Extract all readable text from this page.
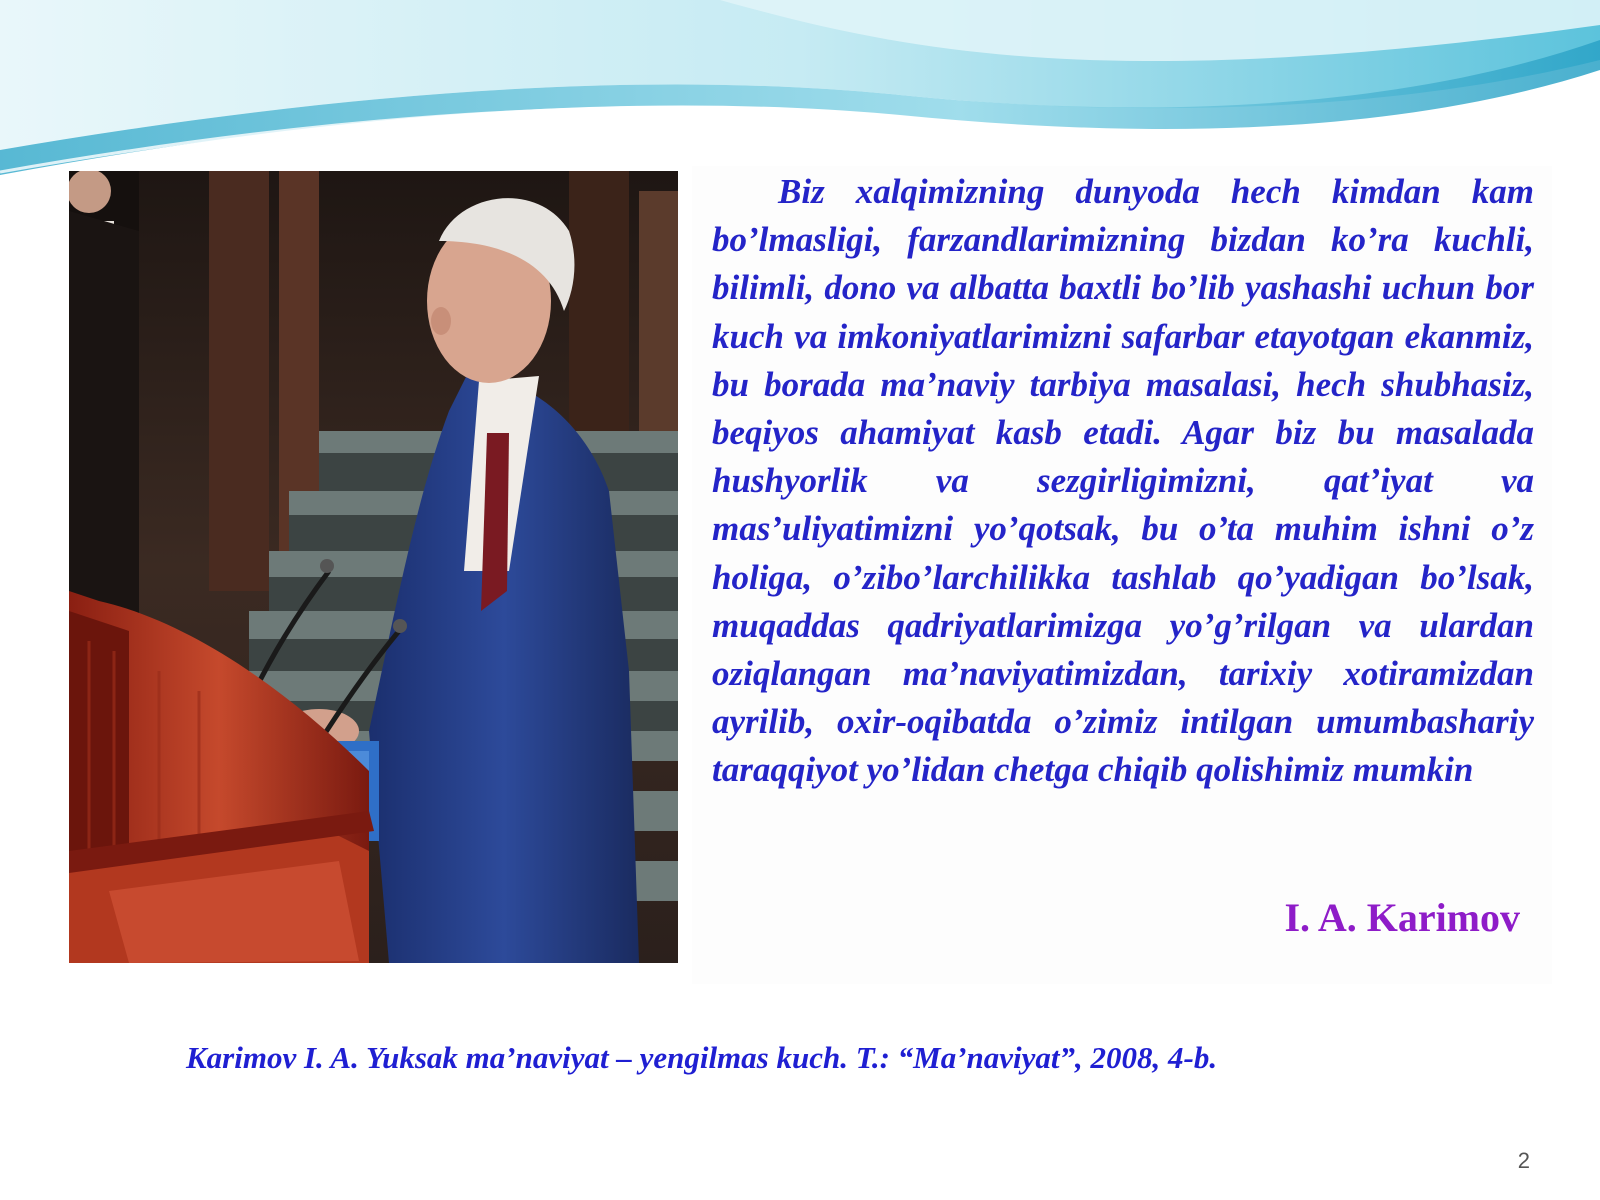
Biz xalqimizning dunyoda hech kimdan kam bo’lmasligi, farzandlarimizning bizdan ko’ra kuchli, bilimli, dono va albatta baxtli bo’lib yashashi uchun bor kuch va imkoniyatlarimizni safarbar etayotgan ekanmiz, bu borada ma’naviy tarbiya masalasi, hech shubhasiz, beqiyos ahamiyat kasb etadi. Agar biz bu masalada hushyorlik va sezgirligimizni, qat’iyat va mas’uliyatimizni yo’qotsak, bu o’ta muhim ishni o’z holiga, o’zibo’larchilikka tashlab qo’yadigan bo’lsak, muqaddas qadriyatlarimizga yo’g’rilgan va ulardan oziqlangan ma’naviyatimizdan, tarixiy xotiramizdan ayrilib, oxir-oqibatda o’zimiz intilgan umumbashariy taraqqiyot yo’lidan chetga chiqib qolishimiz mumkin

I. A. Karimov

Karimov I. A. Yuksak ma’naviyat – yengilmas kuch. T.: “Ma’naviyat”, 2008, 4-b.

2
